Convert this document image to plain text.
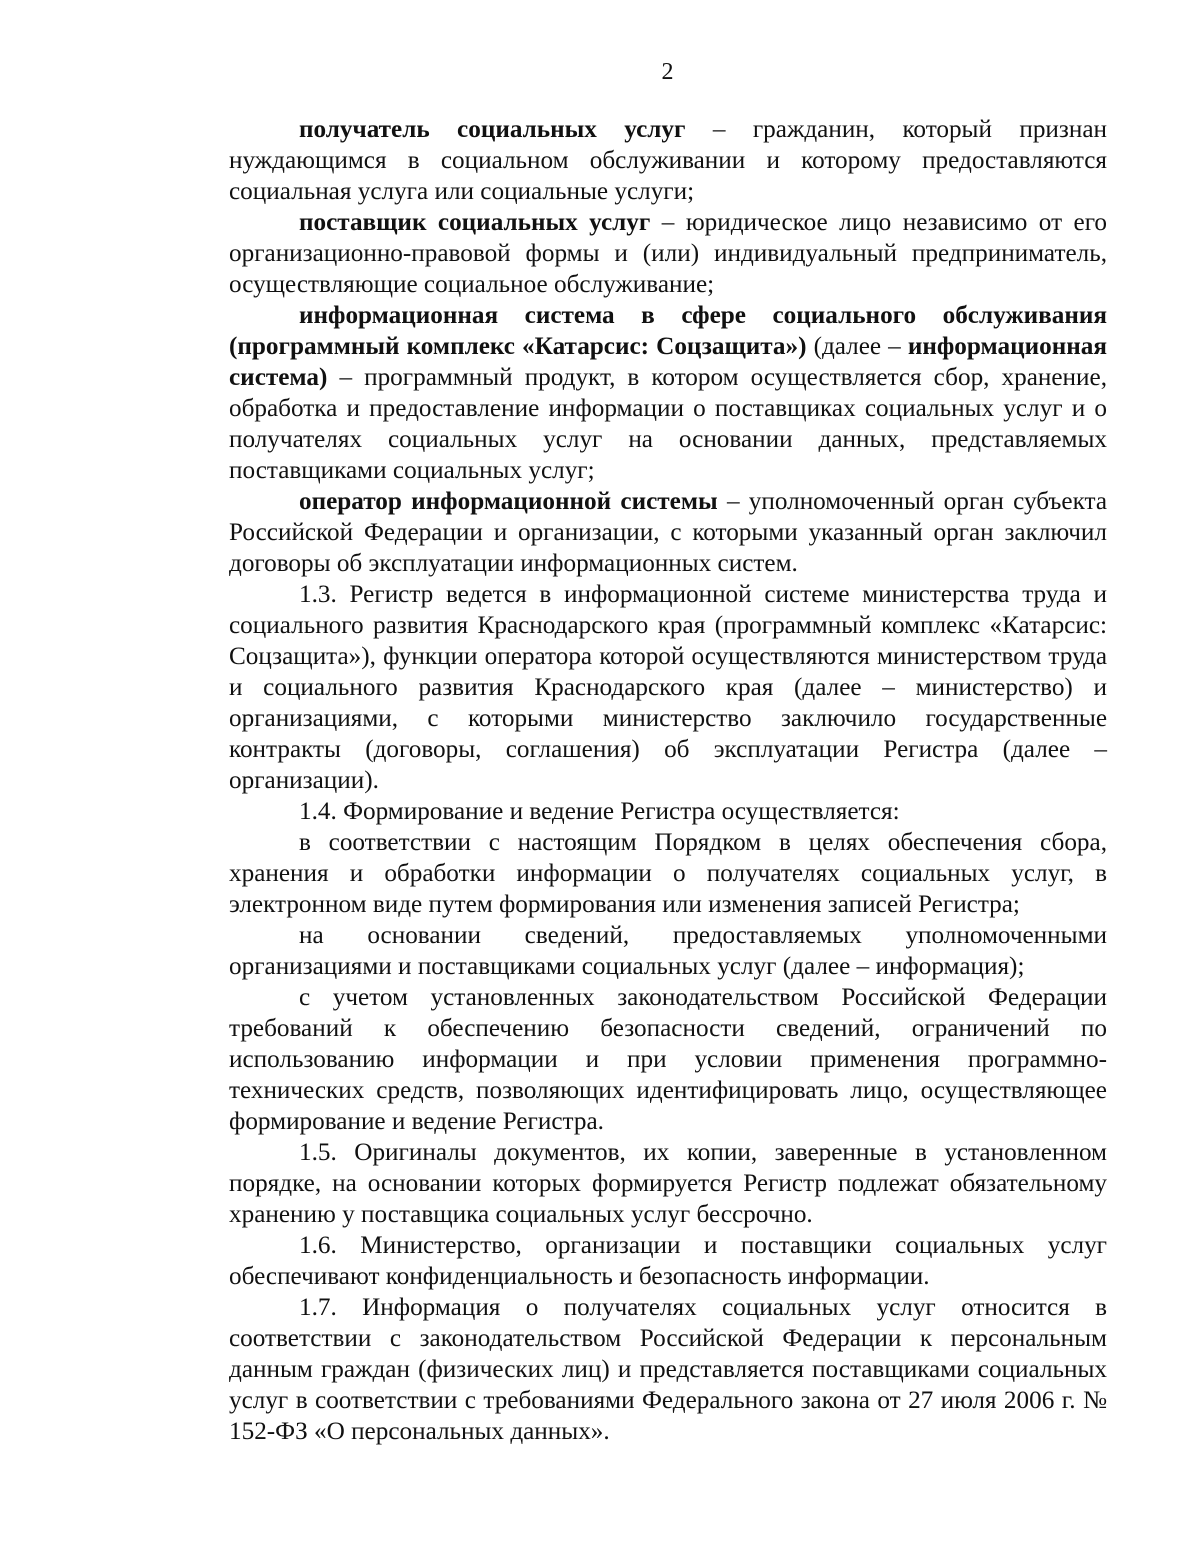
2

получатель социальных услуг – гражданин, который признан нуждающимся в социальном обслуживании и которому предоставляются социальная услуга или социальные услуги;

поставщик социальных услуг – юридическое лицо независимо от его организационно-правовой формы и (или) индивидуальный предприниматель, осуществляющие социальное обслуживание;

информационная система в сфере социального обслуживания (программный комплекс «Катарсис: Соцзащита») (далее – информационная система) – программный продукт, в котором осуществляется сбор, хранение, обработка и предоставление информации о поставщиках социальных услуг и о получателях социальных услуг на основании данных, представляемых поставщиками социальных услуг;

оператор информационной системы – уполномоченный орган субъекта Российской Федерации и организации, с которыми указанный орган заключил договоры об эксплуатации информационных систем.

1.3. Регистр ведется в информационной системе министерства труда и социального развития Краснодарского края (программный комплекс «Катарсис: Соцзащита»), функции оператора которой осуществляются министерством труда и социального развития Краснодарского края (далее – министерство) и организациями, с которыми министерство заключило государственные контракты (договоры, соглашения) об эксплуатации Регистра (далее – организации).

1.4. Формирование и ведение Регистра осуществляется:

в соответствии с настоящим Порядком в целях обеспечения сбора, хранения и обработки информации о получателях социальных услуг, в электронном виде путем формирования или изменения записей Регистра;

на основании сведений, предоставляемых уполномоченными организациями и поставщиками социальных услуг (далее – информация);

с учетом установленных законодательством Российской Федерации требований к обеспечению безопасности сведений, ограничений по использованию информации и при условии применения программно-технических средств, позволяющих идентифицировать лицо, осуществляющее формирование и ведение Регистра.

1.5. Оригиналы документов, их копии, заверенные в установленном порядке, на основании которых формируется Регистр подлежат обязательному хранению у поставщика социальных услуг бессрочно.

1.6. Министерство, организации и поставщики социальных услуг обеспечивают конфиденциальность и безопасность информации.

1.7. Информация о получателях социальных услуг относится в соответствии с законодательством Российской Федерации к персональным данным граждан (физических лиц) и представляется поставщиками социальных услуг в соответствии с требованиями Федерального закона от 27 июля 2006 г. № 152-ФЗ «О персональных данных».
